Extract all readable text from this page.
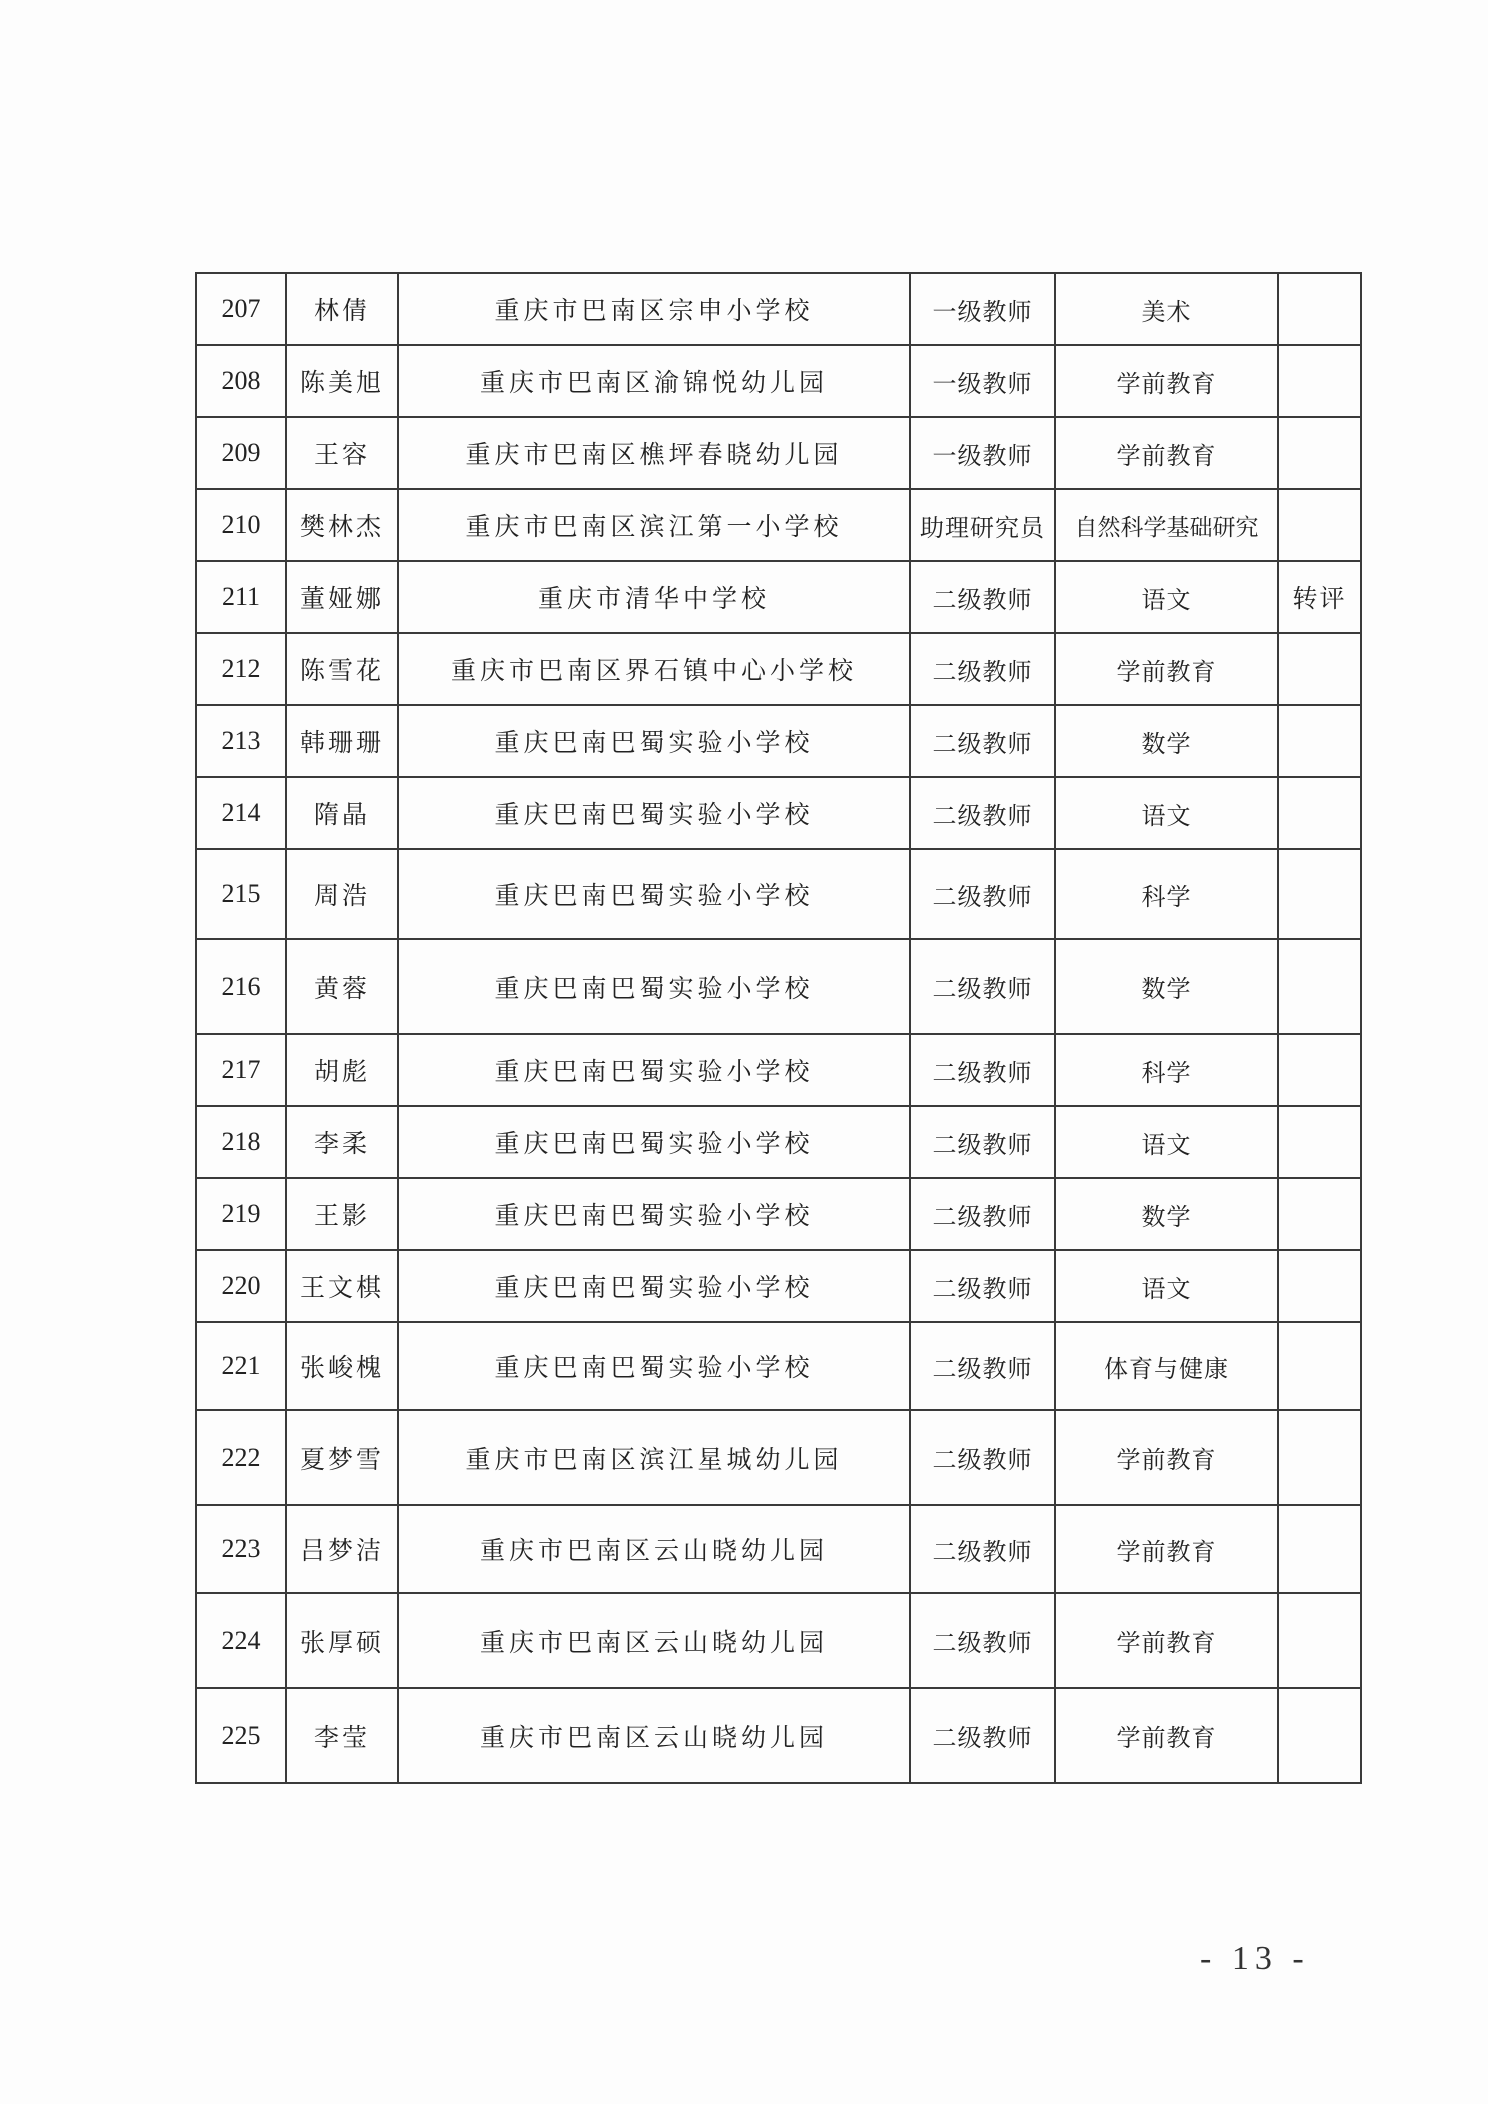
207	林倩	重庆市巴南区宗申小学校	一级教师	美术	
208	陈美旭	重庆市巴南区渝锦悦幼儿园	一级教师	学前教育	
209	王容	重庆市巴南区樵坪春晓幼儿园	一级教师	学前教育	
210	樊林杰	重庆市巴南区滨江第一小学校	助理研究员	自然科学基础研究	
211	董娅娜	重庆市清华中学校	二级教师	语文	转评
212	陈雪花	重庆市巴南区界石镇中心小学校	二级教师	学前教育	
213	韩珊珊	重庆巴南巴蜀实验小学校	二级教师	数学	
214	隋晶	重庆巴南巴蜀实验小学校	二级教师	语文	
215	周浩	重庆巴南巴蜀实验小学校	二级教师	科学	
216	黄蓉	重庆巴南巴蜀实验小学校	二级教师	数学	
217	胡彪	重庆巴南巴蜀实验小学校	二级教师	科学	
218	李柔	重庆巴南巴蜀实验小学校	二级教师	语文	
219	王影	重庆巴南巴蜀实验小学校	二级教师	数学	
220	王文棋	重庆巴南巴蜀实验小学校	二级教师	语文	
221	张峻槐	重庆巴南巴蜀实验小学校	二级教师	体育与健康	
222	夏梦雪	重庆市巴南区滨江星城幼儿园	二级教师	学前教育	
223	吕梦洁	重庆市巴南区云山晓幼儿园	二级教师	学前教育	
224	张厚硕	重庆市巴南区云山晓幼儿园	二级教师	学前教育	
225	李莹	重庆市巴南区云山晓幼儿园	二级教师	学前教育	
- 13 -
